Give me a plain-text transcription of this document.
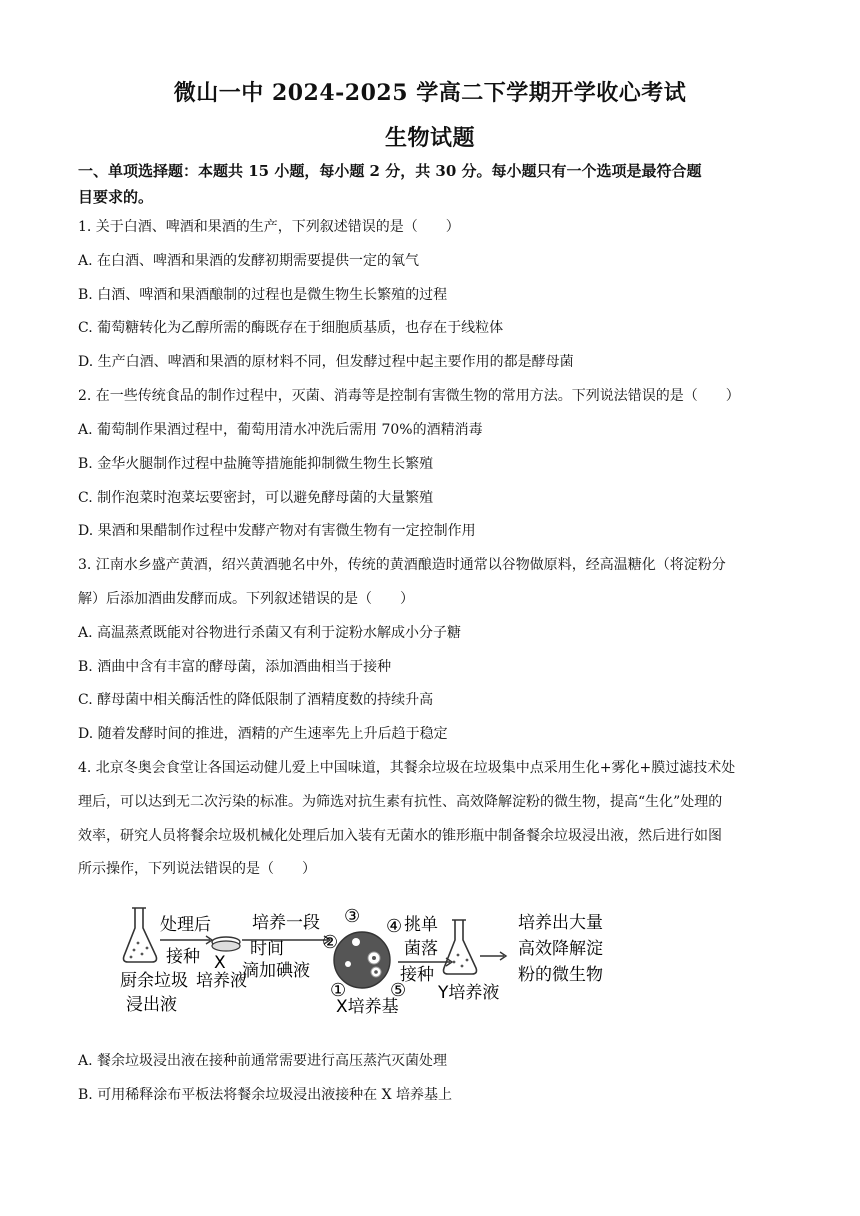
微山一中 2024-2025 学高二下学期开学收心考试
生物试题
一、单项选择题：本题共 15 小题，每小题 2 分，共 30 分。每小题只有一个选项是最符合题
目要求的。
1. 关于白酒、啤酒和果酒的生产，下列叙述错误的是（　　）
A. 在白酒、啤酒和果酒的发酵初期需要提供一定的氧气
B. 白酒、啤酒和果酒酿制的过程也是微生物生长繁殖的过程
C. 葡萄糖转化为乙醇所需的酶既存在于细胞质基质，也存在于线粒体
D. 生产白酒、啤酒和果酒的原材料不同，但发酵过程中起主要作用的都是酵母菌
2. 在一些传统食品的制作过程中，灭菌、消毒等是控制有害微生物的常用方法。下列说法错误的是（　　）
A. 葡萄制作果酒过程中，葡萄用清水冲洗后需用 70%的酒精消毒
B. 金华火腿制作过程中盐腌等措施能抑制微生物生长繁殖
C. 制作泡菜时泡菜坛要密封，可以避免酵母菌的大量繁殖
D. 果酒和果醋制作过程中发酵产物对有害微生物有一定控制作用
3. 江南水乡盛产黄酒，绍兴黄酒驰名中外，传统的黄酒酿造时通常以谷物做原料，经高温糖化（将淀粉分
解）后添加酒曲发酵而成。下列叙述错误的是（　　）
A. 高温蒸煮既能对谷物进行杀菌又有利于淀粉水解成小分子糖
B. 酒曲中含有丰富的酵母菌，添加酒曲相当于接种
C. 酵母菌中相关酶活性的降低限制了酒精度数的持续升高
D. 随着发酵时间的推进，酒精的产生速率先上升后趋于稳定
4. 北京冬奥会食堂让各国运动健儿爱上中国味道，其餐余垃圾在垃圾集中点采用生化+雾化+膜过滤技术处
理后，可以达到无二次污染的标准。为筛选对抗生素有抗性、高效降解淀粉的微生物，提高“生化”处理的
效率，研究人员将餐余垃圾机械化处理后加入装有无菌水的锥形瓶中制备餐余垃圾浸出液，然后进行如图
所示操作，下列说法错误的是（　　）
处理后
接种
厨余垃圾
浸出液
X
培养液
培养一段
时间
滴加碘液
③
②
① ⑤
④
X培养基
挑单
菌落
接种
Y培养液
培养出大量
高效降解淀
粉的微生物
A. 餐余垃圾浸出液在接种前通常需要进行高压蒸汽灭菌处理
B. 可用稀释涂布平板法将餐余垃圾浸出液接种在 X 培养基上
